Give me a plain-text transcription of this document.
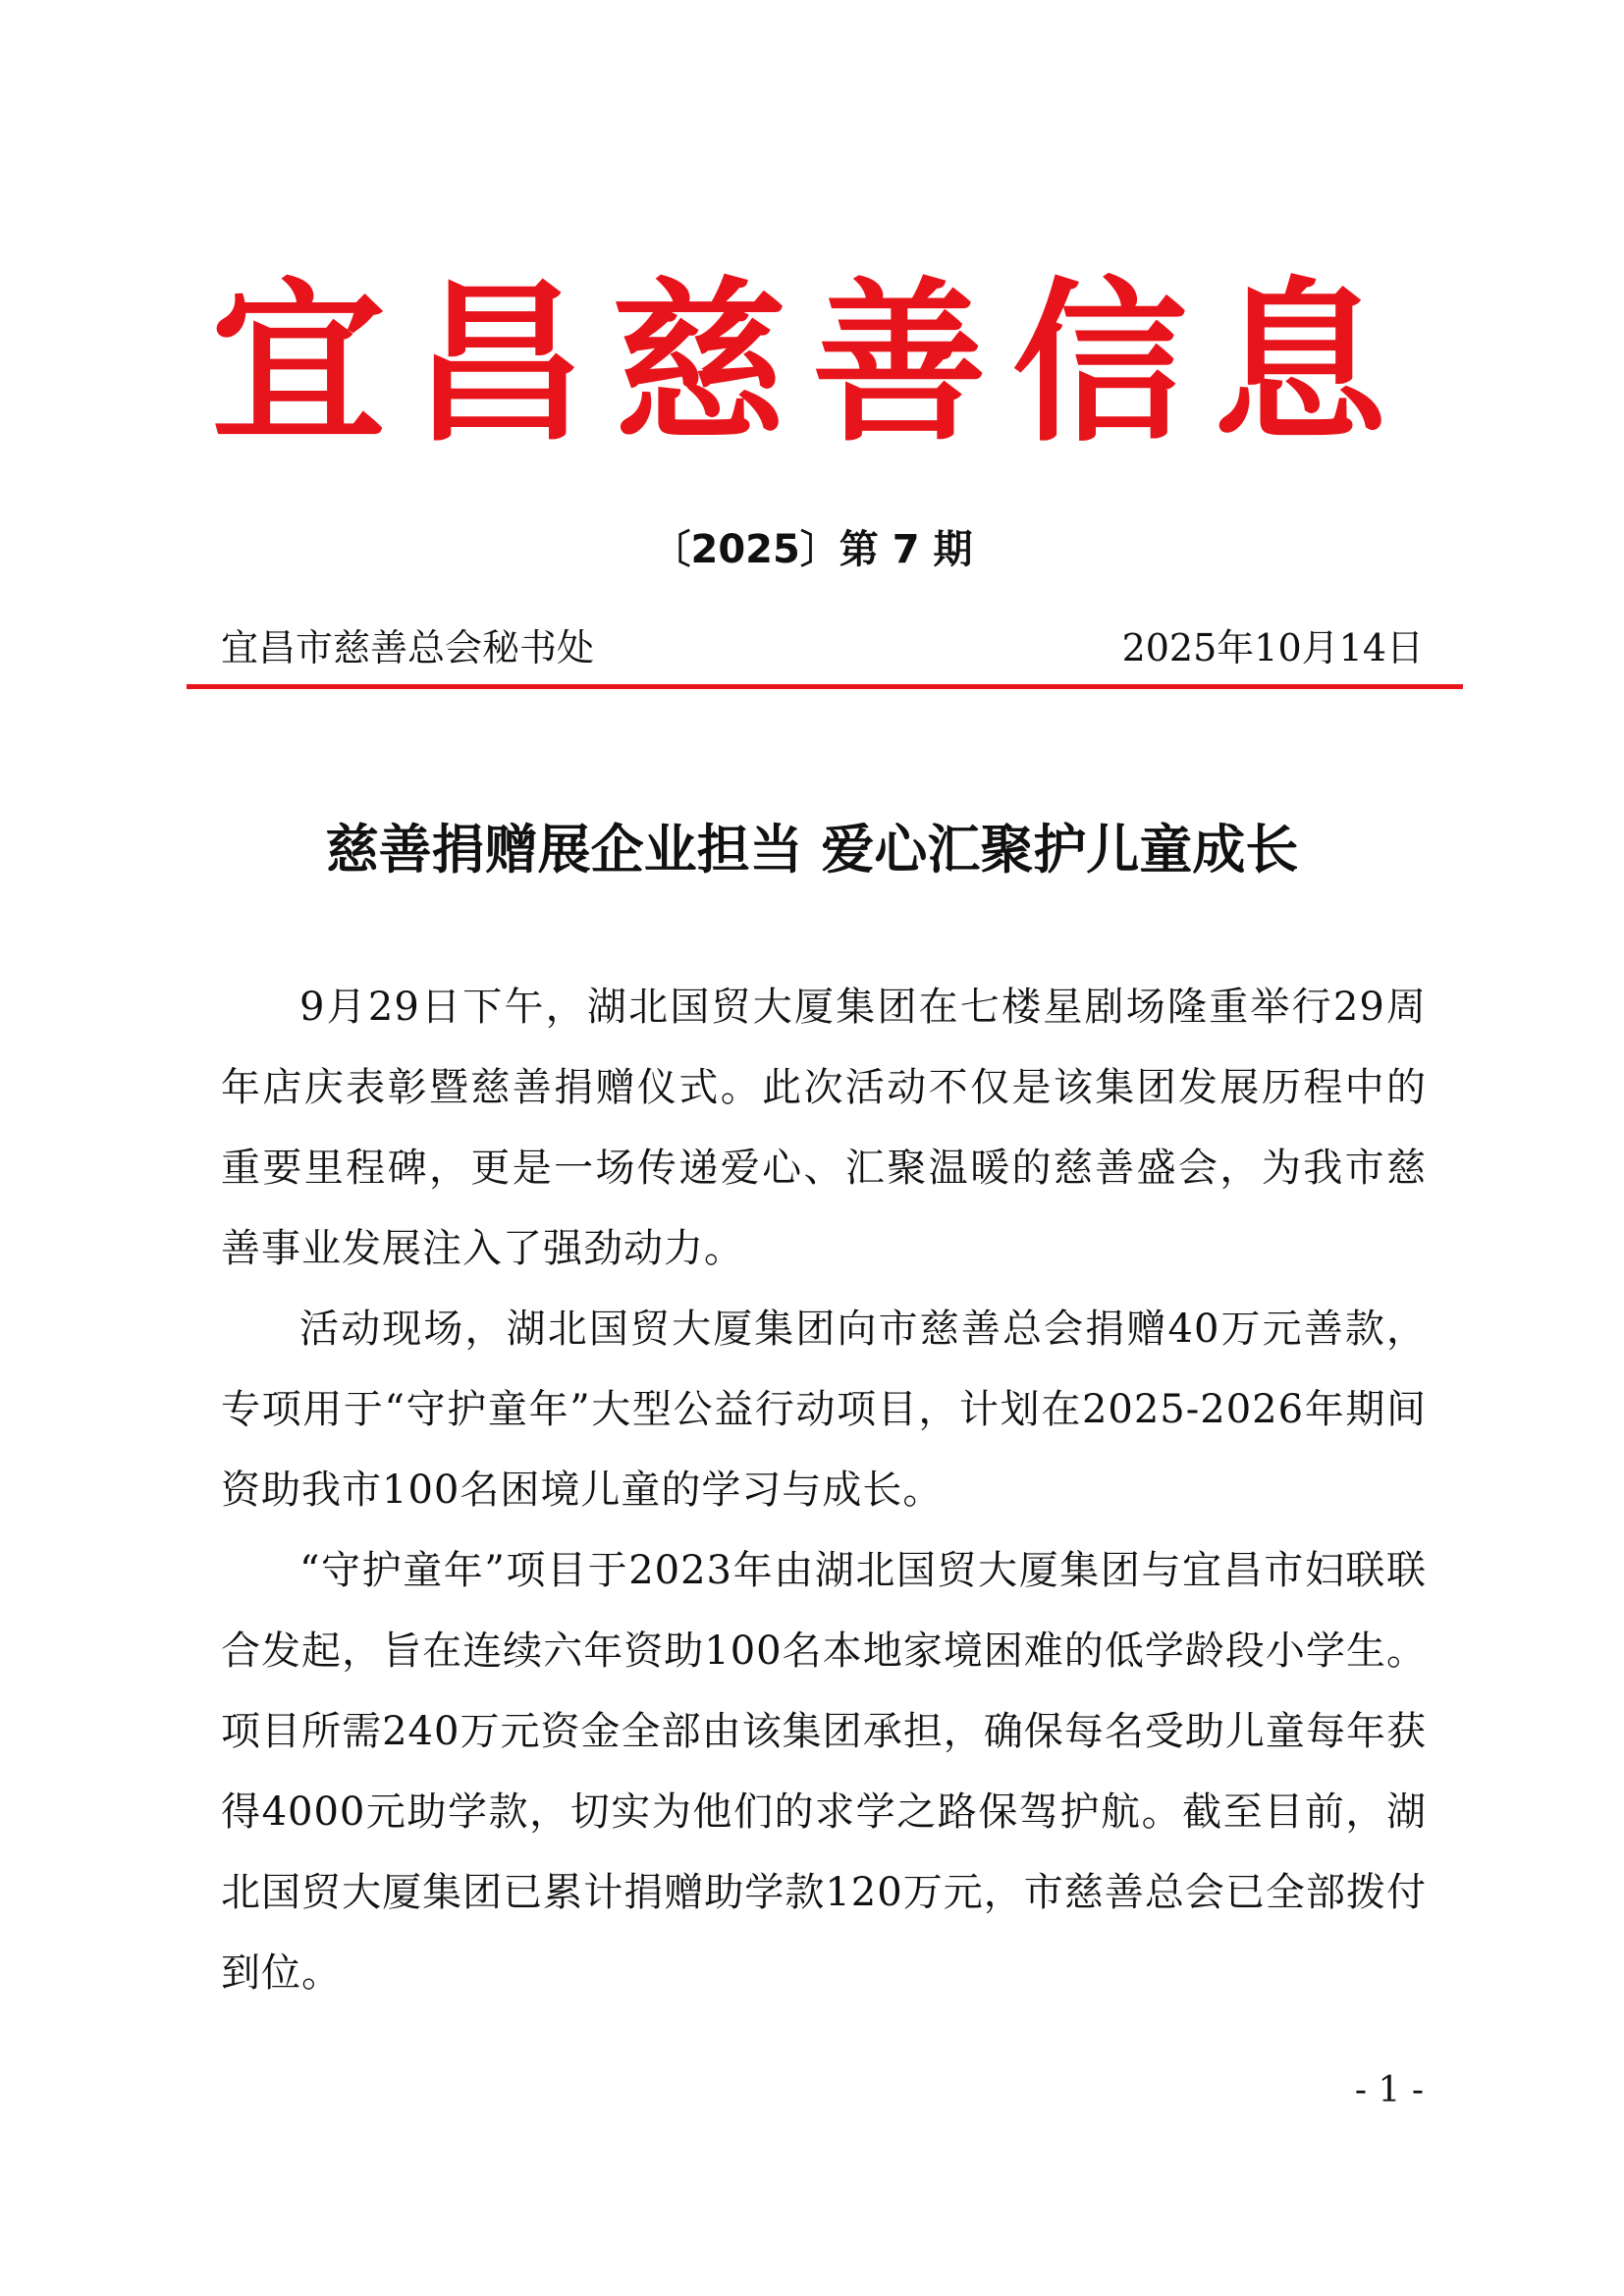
宜昌慈善信息
〔2025〕第 7 期
宜昌市慈善总会秘书处	2025年10月14日
慈善捐赠展企业担当 爱心汇聚护儿童成长

9月29日下午，湖北国贸大厦集团在七楼星剧场隆重举行29周年店庆表彰暨慈善捐赠仪式。此次活动不仅是该集团发展历程中的重要里程碑，更是一场传递爱心、汇聚温暖的慈善盛会，为我市慈善事业发展注入了强劲动力。

活动现场，湖北国贸大厦集团向市慈善总会捐赠40万元善款，专项用于“守护童年”大型公益行动项目，计划在2025-2026年期间资助我市100名困境儿童的学习与成长。

“守护童年”项目于2023年由湖北国贸大厦集团与宜昌市妇联联合发起，旨在连续六年资助100名本地家境困难的低学龄段小学生。项目所需240万元资金全部由该集团承担，确保每名受助儿童每年获得4000元助学款，切实为他们的求学之路保驾护航。截至目前，湖北国贸大厦集团已累计捐赠助学款120万元，市慈善总会已全部拨付到位。

- 1 -
